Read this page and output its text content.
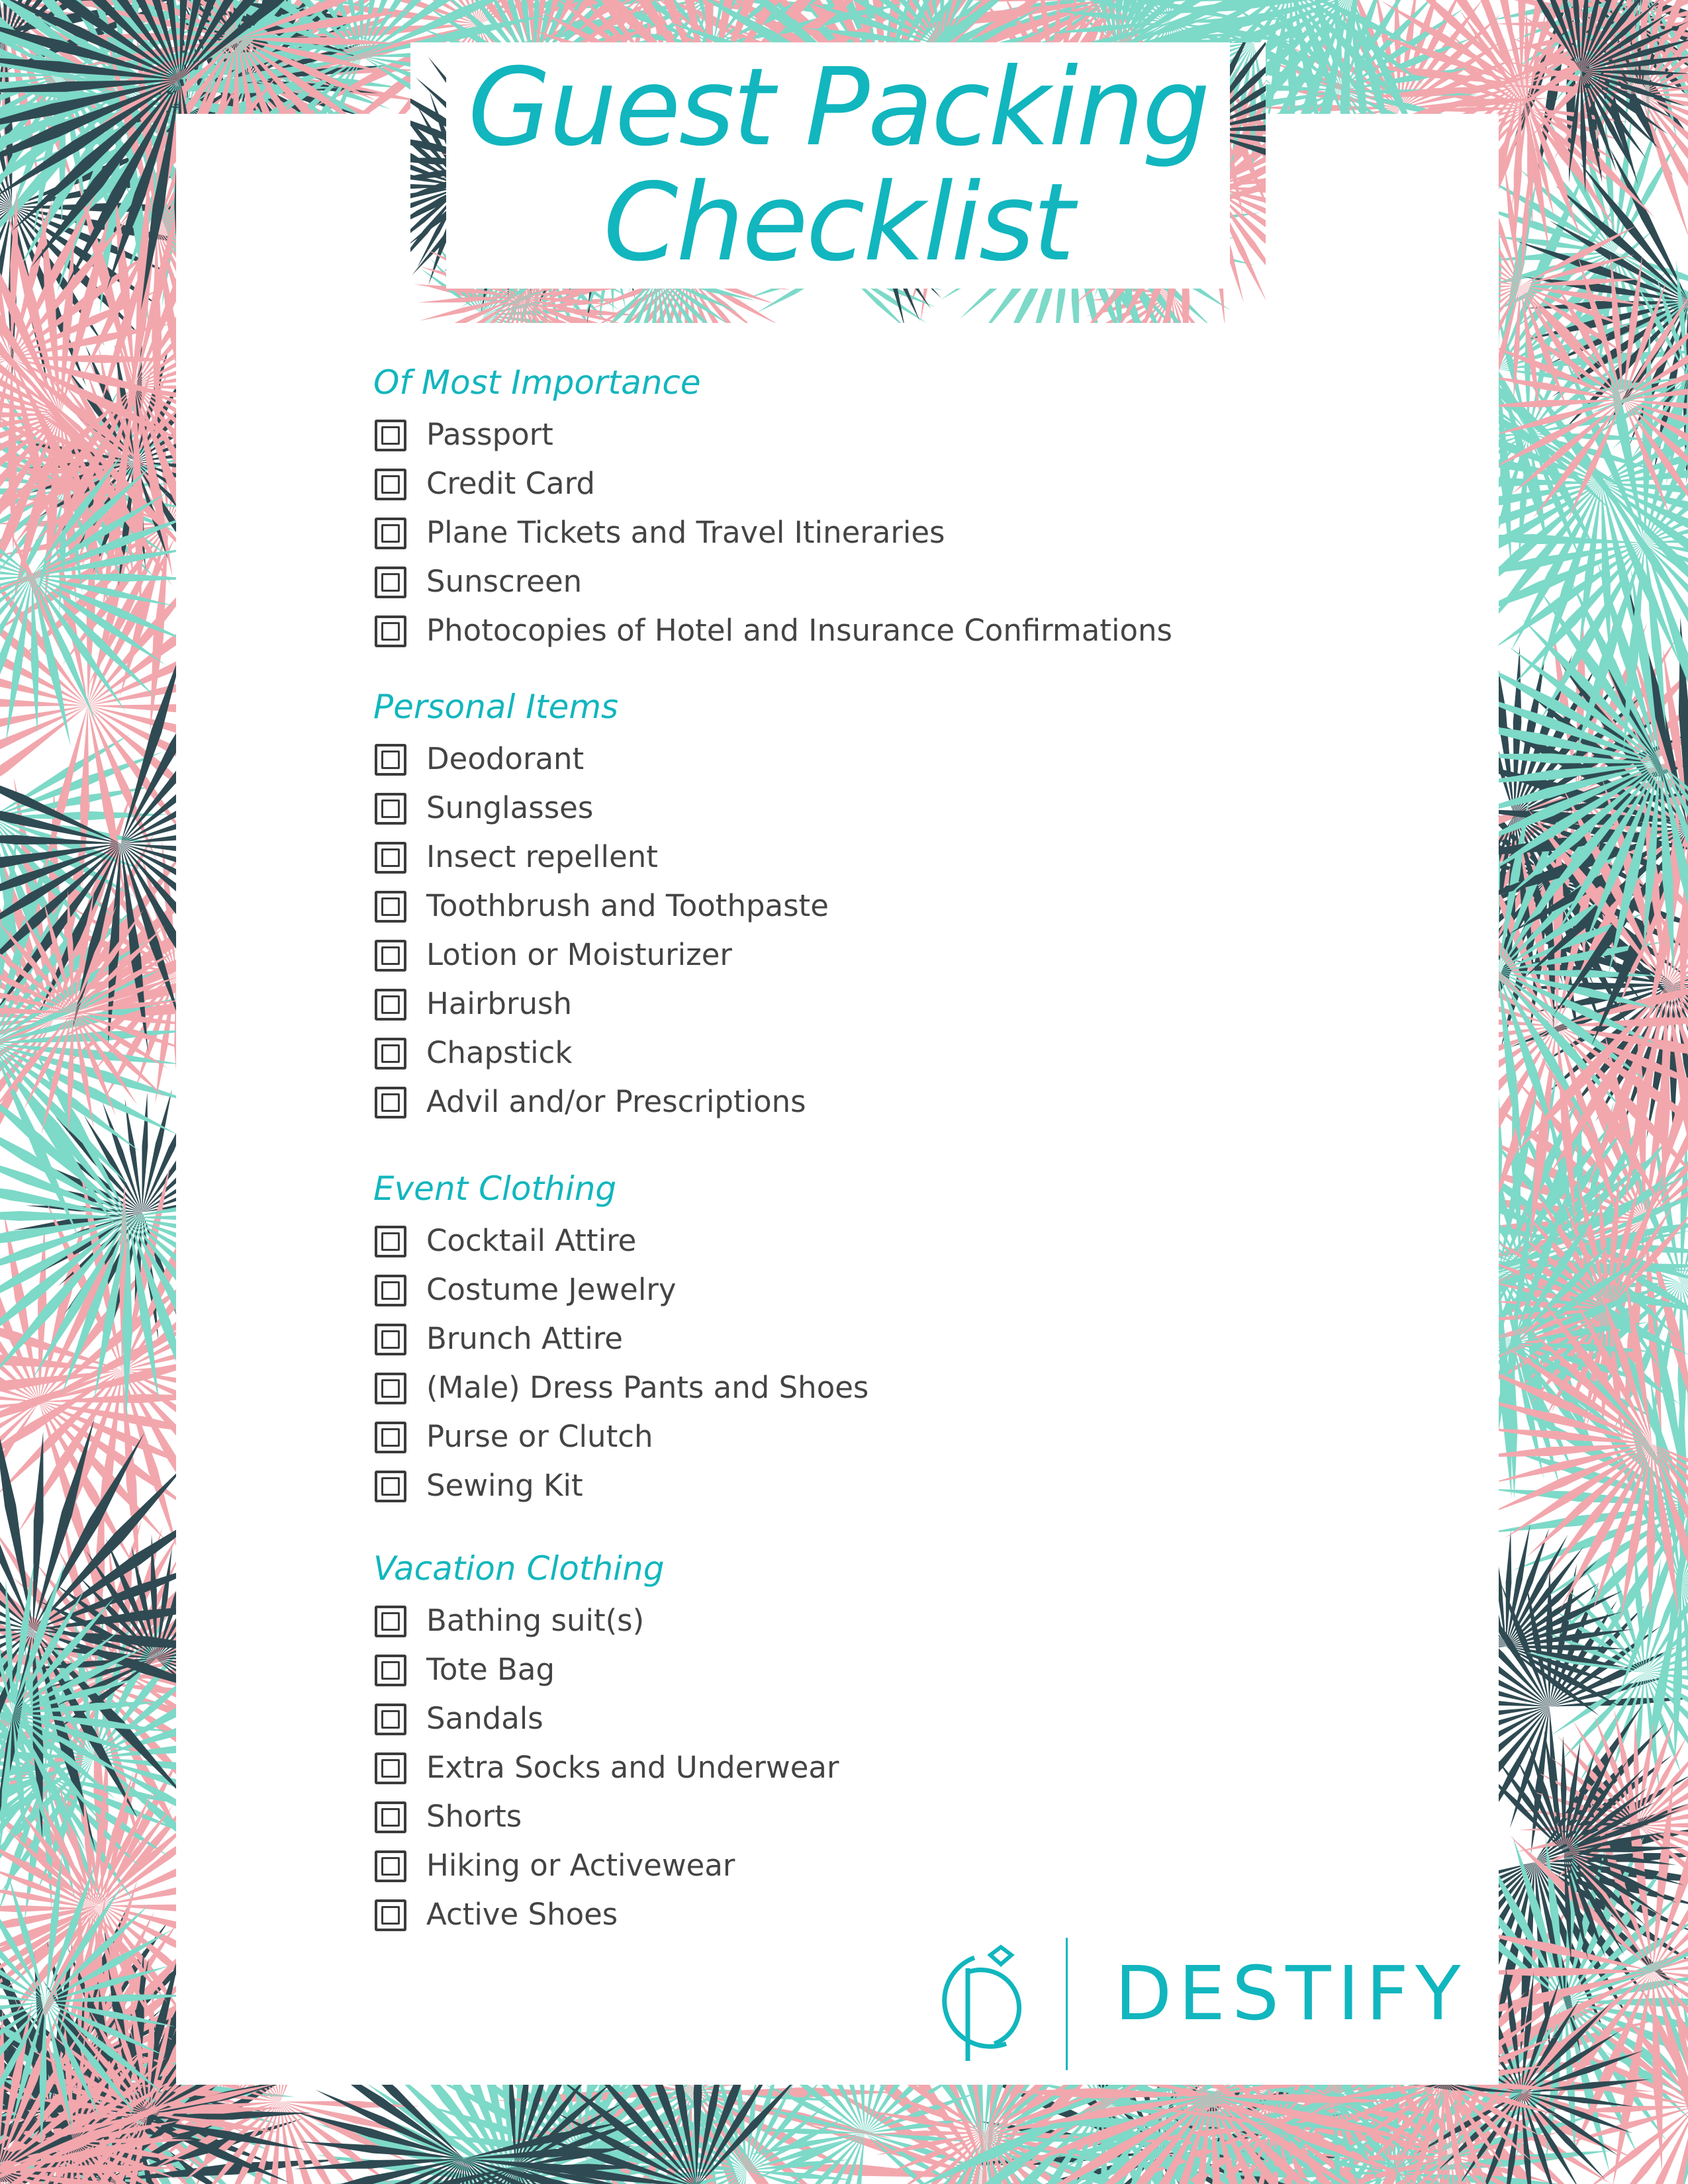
Guest Packing
Checklist
Of Most Importance
Passport
Credit Card
Plane Tickets and Travel Itineraries
Sunscreen
Photocopies of Hotel and Insurance Confirmations
Personal Items
Deodorant
Sunglasses
Insect repellent
Toothbrush and Toothpaste
Lotion or Moisturizer
Hairbrush
Chapstick
Advil and/or Prescriptions
Event Clothing
Cocktail Attire
Costume Jewelry
Brunch Attire
(Male) Dress Pants and Shoes
Purse or Clutch
Sewing Kit
Vacation Clothing
Bathing suit(s)
Tote Bag
Sandals
Extra Socks and Underwear
Shorts
Hiking or Activewear
Active Shoes
DESTIFY
